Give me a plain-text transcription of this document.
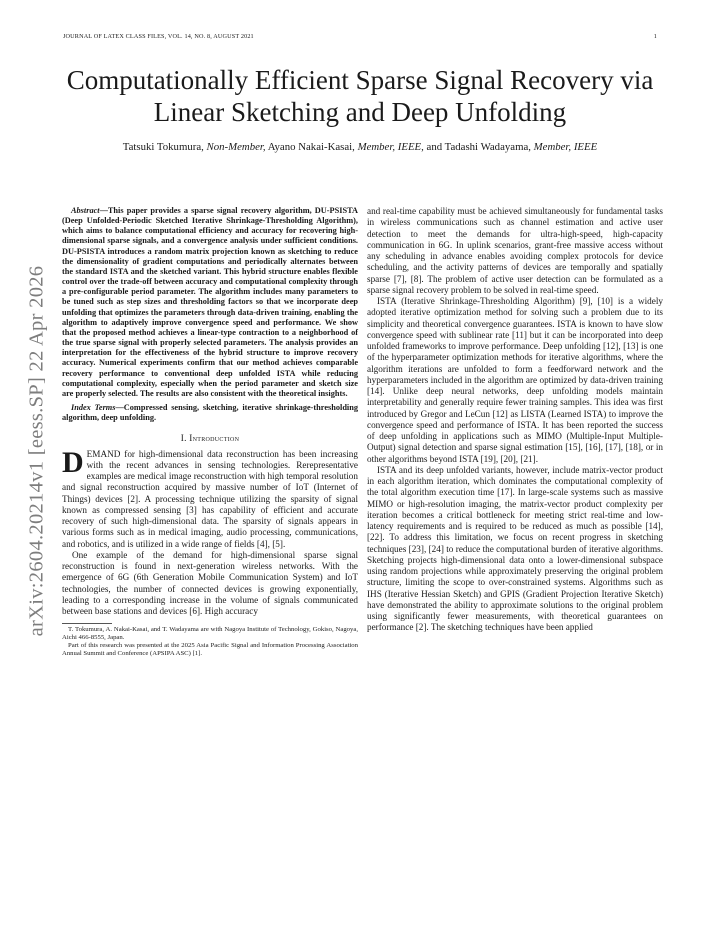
JOURNAL OF LATEX CLASS FILES, VOL. 14, NO. 8, AUGUST 2021	1
arXiv:2604.20214v1 [eess.SP] 22 Apr 2026
Computationally Efficient Sparse Signal Recovery via Linear Sketching and Deep Unfolding
Tatsuki Tokumura, Non-Member, Ayano Nakai-Kasai, Member, IEEE, and Tadashi Wadayama, Member, IEEE

Abstract—This paper provides a sparse signal recovery algorithm, DU-PSISTA (Deep Unfolded-Periodic Sketched Iterative Shrinkage-Thresholding Algorithm), which aims to balance computational efficiency and accuracy for recovering high-dimensional sparse signals, and a convergence analysis under sufficient conditions. DU-PSISTA introduces a random matrix projection known as sketching to reduce the dimensionality of gradient computations and periodically alternates between the standard ISTA and the sketched variant. This hybrid structure enables flexible control over the trade-off between accuracy and computational complexity through a pre-configurable period parameter. The algorithm includes many parameters to be tuned such as step sizes and thresholding factors so that we incorporate deep unfolding that optimizes the parameters through data-driven training, enabling the algorithm to adaptively improve convergence speed and performance. We show that the proposed method achieves a linear-type contraction to a neighborhood of the true sparse signal with properly selected parameters. The analysis provides an interpretation for the effectiveness of the hybrid structure to improve recovery accuracy. Numerical experiments confirm that our method achieves comparable recovery performance to conventional deep unfolded ISTA while reducing computational complexity, especially when the period parameter and sketch size are properly selected. The results are also consistent with the theoretical insights.

Index Terms—Compressed sensing, sketching, iterative shrinkage-thresholding algorithm, deep unfolding.

I. Introduction

DEMAND for high-dimensional data reconstruction has been increasing with the recent advances in sensing technologies. Rerepresentative examples are medical image reconstruction with high temporal resolution and signal reconstruction acquired by massive number of IoT (Internet of Things) devices [2]. A processing technique utilizing the sparsity of signal known as compressed sensing [3] has capability of efficient and accurate recovery of such high-dimensional data. The sparsity of signals appears in various forms such as in medical imaging, audio processing, communications, and robotics, and is utilized in a wide range of fields [4], [5].

One example of the demand for high-dimensional sparse signal reconstruction is found in next-generation wireless networks. With the emergence of 6G (6th Generation Mobile Communication System) and IoT technologies, the number of connected devices is growing exponentially, leading to a corresponding increase in the volume of signals communicated between base stations and devices [6]. High accuracy

T. Tokumura, A. Nakai-Kasai, and T. Wadayama are with Nagoya Institute of Technology, Gokiso, Nagoya, Aichi 466-8555, Japan.

Part of this research was presented at the 2025 Asia Pacific Signal and Information Processing Association Annual Summit and Conference (APSIPA ASC) [1].

and real-time capability must be achieved simultaneously for fundamental tasks in wireless communications such as channel estimation and active user detection to meet the demands for ultra-high-speed, high-capacity communication in 6G. In uplink scenarios, grant-free massive access without any scheduling in advance enables avoiding complex protocols for device scheduling, and the activity patterns of devices are temporally and spatially sparse [7], [8]. The problem of active user detection can be formulated as a sparse signal recovery problem to be solved in real-time speed.

ISTA (Iterative Shrinkage-Thresholding Algorithm) [9], [10] is a widely adopted iterative optimization method for solving such a problem due to its simplicity and theoretical convergence guarantees. ISTA is known to have slow convergence speed with sublinear rate [11] but it can be incorporated into deep unfolded frameworks to improve performance. Deep unfolding [12], [13] is one of the hyperparameter optimization methods for iterative algorithms, where the algorithm iterations are unfolded to form a feedforward network and the hyperparameters included in the algorithm are optimized by data-driven training [14]. Unlike deep neural networks, deep unfolding models maintain interpretability and generally require fewer training samples. This idea was first introduced by Gregor and LeCun [12] as LISTA (Learned ISTA) to improve the convergence speed and performance of ISTA. It has been reported the success of deep unfolding in applications such as MIMO (Multiple-Input Multiple-Output) signal detection and sparse signal estimation [15], [16], [17], [18], or in other algorithms beyond ISTA [19], [20], [21].

ISTA and its deep unfolded variants, however, include matrix-vector product in each algorithm iteration, which dominates the computational complexity of the total algorithm execution time [17]. In large-scale systems such as massive MIMO or high-resolution imaging, the matrix-vector product complexity per iteration becomes a critical bottleneck for meeting strict real-time and low-latency requirements and is required to be reduced as much as possible [14], [22]. To address this limitation, we focus on recent progress in sketching techniques [23], [24] to reduce the computational burden of iterative algorithms. Sketching projects high-dimensional data onto a lower-dimensional subspace using random projections while approximately preserving the original problem structure, limiting the scope to over-constrained systems. Algorithms such as IHS (Iterative Hessian Sketch) and GPIS (Gradient Projection Iterative Sketch) have demonstrated the ability to approximate solutions to the original problem using significantly fewer measurements, with theoretical guarantees on performance [2]. The sketching techniques have been applied
